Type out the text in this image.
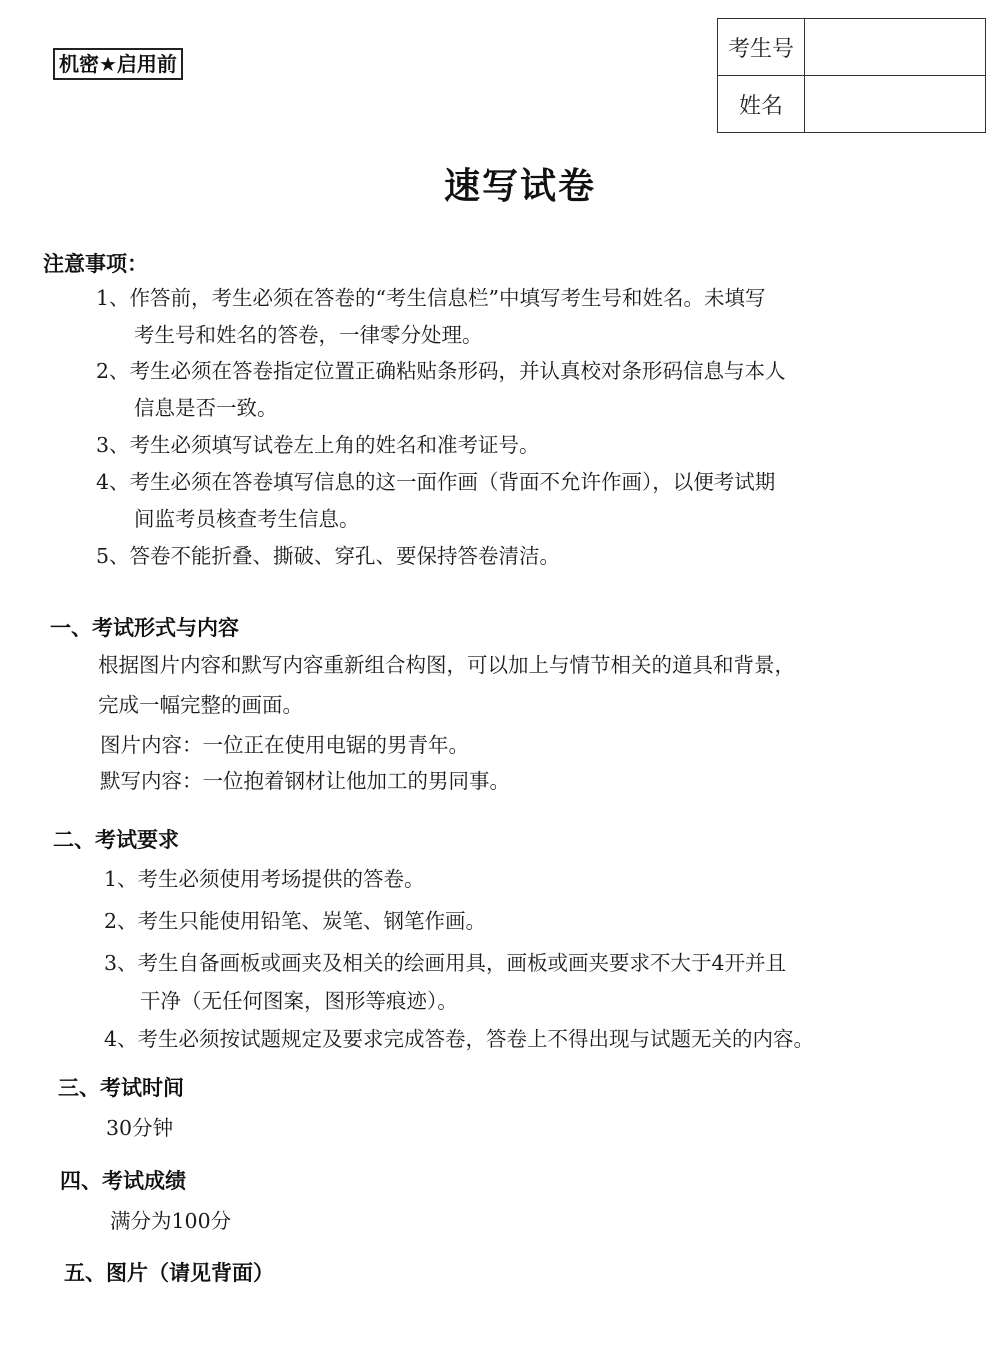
机密★启用前
考生号	
姓名	
速写试卷
注意事项：
1、作答前，考生必须在答卷的“考生信息栏”中填写考生号和姓名。未填写
考生号和姓名的答卷，一律零分处理。
2、考生必须在答卷指定位置正确粘贴条形码，并认真校对条形码信息与本人
信息是否一致。
3、考生必须填写试卷左上角的姓名和准考证号。
4、考生必须在答卷填写信息的这一面作画（背面不允许作画），以便考试期
间监考员核查考生信息。
5、答卷不能折叠、撕破、穿孔、要保持答卷清洁。
一、考试形式与内容
根据图片内容和默写内容重新组合构图，可以加上与情节相关的道具和背景，
完成一幅完整的画面。
图片内容：一位正在使用电锯的男青年。
默写内容：一位抱着钢材让他加工的男同事。
二、考试要求
1、考生必须使用考场提供的答卷。
2、考生只能使用铅笔、炭笔、钢笔作画。
3、考生自备画板或画夹及相关的绘画用具，画板或画夹要求不大于4开并且
干净（无任何图案，图形等痕迹）。
4、考生必须按试题规定及要求完成答卷，答卷上不得出现与试题无关的内容。
三、考试时间
30分钟
四、考试成绩
满分为100分
五、图片（请见背面）
